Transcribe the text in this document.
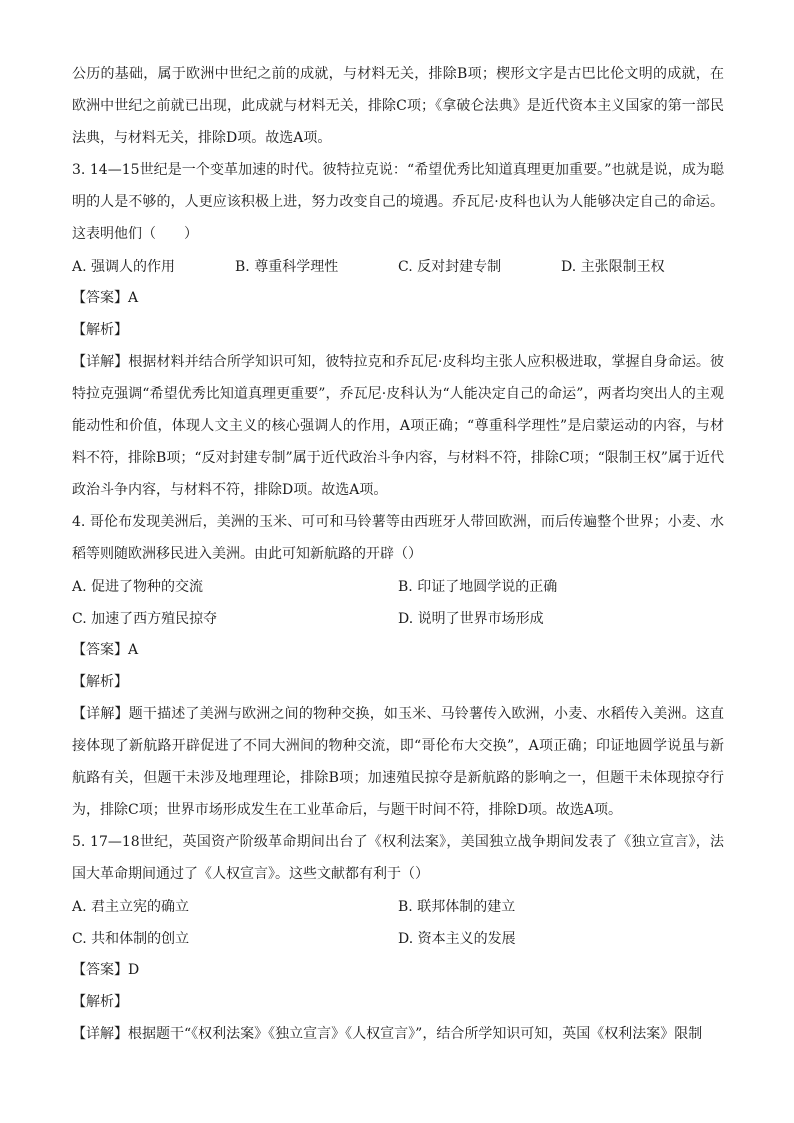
公历的基础，属于欧洲中世纪之前的成就，与材料无关，排除B项；楔形文字是古巴比伦文明的成就，在欧洲中世纪之前就已出现，此成就与材料无关，排除C项；《拿破仑法典》是近代资本主义国家的第一部民法典，与材料无关，排除D项。故选A项。

3. 14—15世纪是一个变革加速的时代。彼特拉克说：“希望优秀比知道真理更加重要。”也就是说，成为聪明的人是不够的，人更应该积极上进，努力改变自己的境遇。乔瓦尼·皮科也认为人能够决定自己的命运。这表明他们（　　）

A. 强调人的作用	B. 尊重科学理性	C. 反对封建专制	D. 主张限制王权

【答案】A

【解析】

【详解】根据材料并结合所学知识可知，彼特拉克和乔瓦尼·皮科均主张人应积极进取，掌握自身命运。彼特拉克强调“希望优秀比知道真理更重要”，乔瓦尼·皮科认为“人能决定自己的命运”，两者均突出人的主观能动性和价值，体现人文主义的核心强调人的作用，A项正确；“尊重科学理性”是启蒙运动的内容，与材料不符，排除B项；“反对封建专制”属于近代政治斗争内容，与材料不符，排除C项；“限制王权”属于近代政治斗争内容，与材料不符，排除D项。故选A项。

4. 哥伦布发现美洲后，美洲的玉米、可可和马铃薯等由西班牙人带回欧洲，而后传遍整个世界；小麦、水稻等则随欧洲移民进入美洲。由此可知新航路的开辟（）

A. 促进了物种的交流	B. 印证了地圆学说的正确
C. 加速了西方殖民掠夺	D. 说明了世界市场形成

【答案】A

【解析】

【详解】题干描述了美洲与欧洲之间的物种交换，如玉米、马铃薯传入欧洲，小麦、水稻传入美洲。这直接体现了新航路开辟促进了不同大洲间的物种交流，即“哥伦布大交换”，A项正确；印证地圆学说虽与新航路有关，但题干未涉及地理理论，排除B项；加速殖民掠夺是新航路的影响之一，但题干未体现掠夺行为，排除C项；世界市场形成发生在工业革命后，与题干时间不符，排除D项。故选A项。

5. 17—18世纪，英国资产阶级革命期间出台了《权利法案》，美国独立战争期间发表了《独立宣言》，法国大革命期间通过了《人权宣言》。这些文献都有利于（）

A. 君主立宪的确立	B. 联邦体制的建立
C. 共和体制的创立	D. 资本主义的发展

【答案】D

【解析】

【详解】根据题干“《权利法案》《独立宣言》《人权宣言》”，结合所学知识可知，英国《权利法案》限制
